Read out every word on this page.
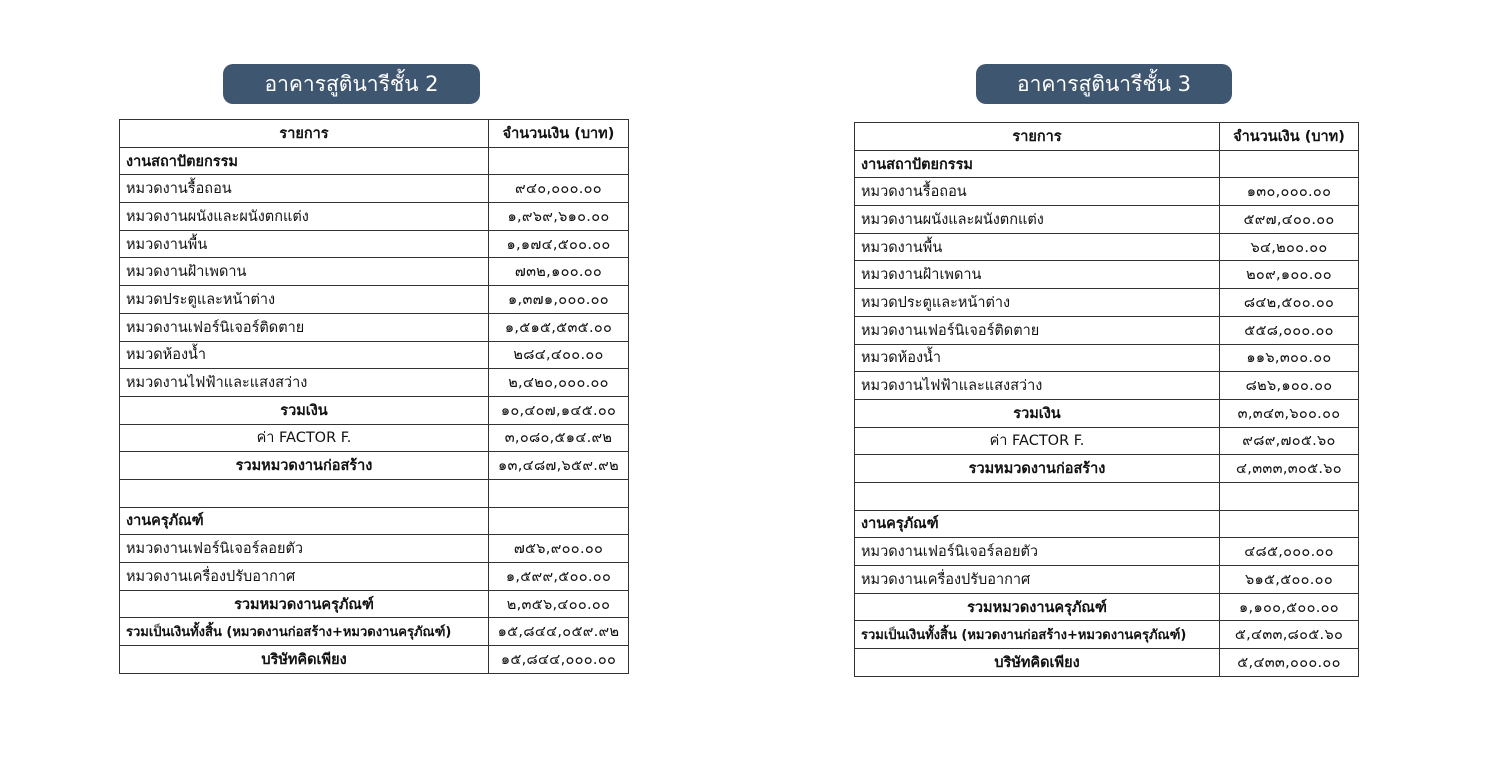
อาคารสูตินารีชั้น 2
รายการ	จำนวนเงิน (บาท)
งานสถาปัตยกรรม	
หมวดงานรื้อถอน	๙๔๐,๐๐๐.๐๐
หมวดงานผนังและผนังตกแต่ง	๑,๙๖๙,๖๑๐.๐๐
หมวดงานพื้น	๑,๑๗๔,๕๐๐.๐๐
หมวดงานฝ้าเพดาน	๗๓๒,๑๐๐.๐๐
หมวดประตูและหน้าต่าง	๑,๓๗๑,๐๐๐.๐๐
หมวดงานเฟอร์นิเจอร์ติดตาย	๑,๕๑๕,๕๓๕.๐๐
หมวดห้องน้ำ	๒๘๔,๔๐๐.๐๐
หมวดงานไฟฟ้าและแสงสว่าง	๒,๔๒๐,๐๐๐.๐๐
รวมเงิน	๑๐,๔๐๗,๑๔๕.๐๐
ค่า FACTOR F.	๓,๐๘๐,๕๑๔.๙๒
รวมหมวดงานก่อสร้าง	๑๓,๔๘๗,๖๕๙.๙๒

งานครุภัณฑ์	
หมวดงานเฟอร์นิเจอร์ลอยตัว	๗๕๖,๙๐๐.๐๐
หมวดงานเครื่องปรับอากาศ	๑,๕๙๙,๕๐๐.๐๐
รวมหมวดงานครุภัณฑ์	๒,๓๕๖,๔๐๐.๐๐
รวมเป็นเงินทั้งสิ้น (หมวดงานก่อสร้าง+หมวดงานครุภัณฑ์)	๑๕,๘๔๔,๐๕๙.๙๒
บริษัทคิดเพียง	๑๕,๘๔๔,๐๐๐.๐๐
อาคารสูตินารีชั้น 3
รายการ	จำนวนเงิน (บาท)
งานสถาปัตยกรรม	
หมวดงานรื้อถอน	๑๓๐,๐๐๐.๐๐
หมวดงานผนังและผนังตกแต่ง	๕๙๗,๔๐๐.๐๐
หมวดงานพื้น	๖๔,๒๐๐.๐๐
หมวดงานฝ้าเพดาน	๒๐๙,๑๐๐.๐๐
หมวดประตูและหน้าต่าง	๘๔๒,๕๐๐.๐๐
หมวดงานเฟอร์นิเจอร์ติดตาย	๕๕๘,๐๐๐.๐๐
หมวดห้องน้ำ	๑๑๖,๓๐๐.๐๐
หมวดงานไฟฟ้าและแสงสว่าง	๘๒๖,๑๐๐.๐๐
รวมเงิน	๓,๓๔๓,๖๐๐.๐๐
ค่า FACTOR F.	๙๘๙,๗๐๕.๖๐
รวมหมวดงานก่อสร้าง	๔,๓๓๓,๓๐๕.๖๐

งานครุภัณฑ์	
หมวดงานเฟอร์นิเจอร์ลอยตัว	๔๘๕,๐๐๐.๐๐
หมวดงานเครื่องปรับอากาศ	๖๑๕,๕๐๐.๐๐
รวมหมวดงานครุภัณฑ์	๑,๑๐๐,๕๐๐.๐๐
รวมเป็นเงินทั้งสิ้น (หมวดงานก่อสร้าง+หมวดงานครุภัณฑ์)	๕,๔๓๓,๘๐๕.๖๐
บริษัทคิดเพียง	๕,๔๓๓,๐๐๐.๐๐
